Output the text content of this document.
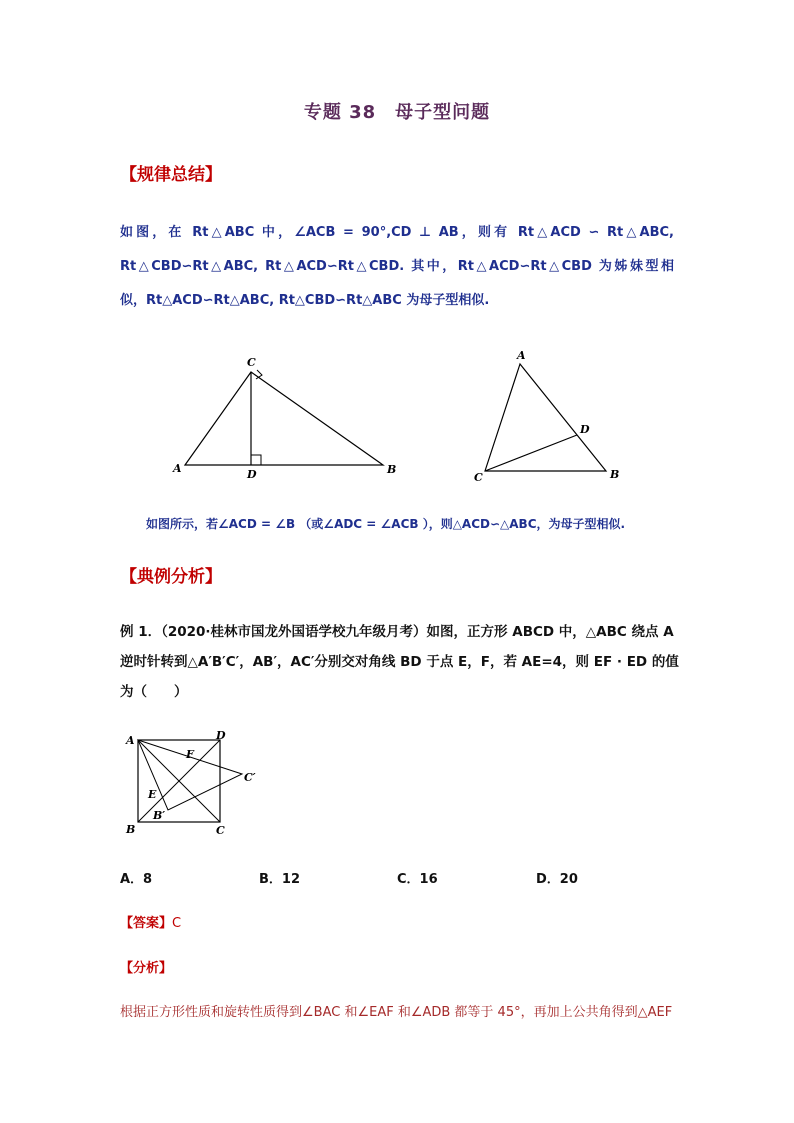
专题 38　母子型问题
【规律总结】
如图，在 Rt△ABC 中，∠ACB = 90°,CD ⊥ AB，则有 Rt△ACD ∽ Rt△ABC,
Rt△CBD∽Rt△ABC, Rt△ACD∽Rt△CBD. 其中，Rt△ACD∽Rt△CBD 为姊妹型相
似，Rt△ACD∽Rt△ABC, Rt△CBD∽Rt△ABC 为母子型相似.
A	B
C
D
A
B
C
D
如图所示，若∠ACD = ∠B （或∠ADC = ∠ACB ），则△ACD∽△ABC，为母子型相似.
【典例分析】
例 1．（2020·桂林市国龙外国语学校九年级月考）如图，正方形 ABCD 中，△ABC 绕点 A
逆时针转到△A′B′C′，AB′，AC′分别交对角线 BD 于点 E，F，若 AE=4，则 EF · ED 的值
为（　　）
A
B	C
D
E
F
B′
C′
A．8	B．12	C．16	D．20
【答案】C
【分析】
根据正方形性质和旋转性质得到∠BAC 和∠EAF 和∠ADB 都等于 45°，再加上公共角得到△AEF
